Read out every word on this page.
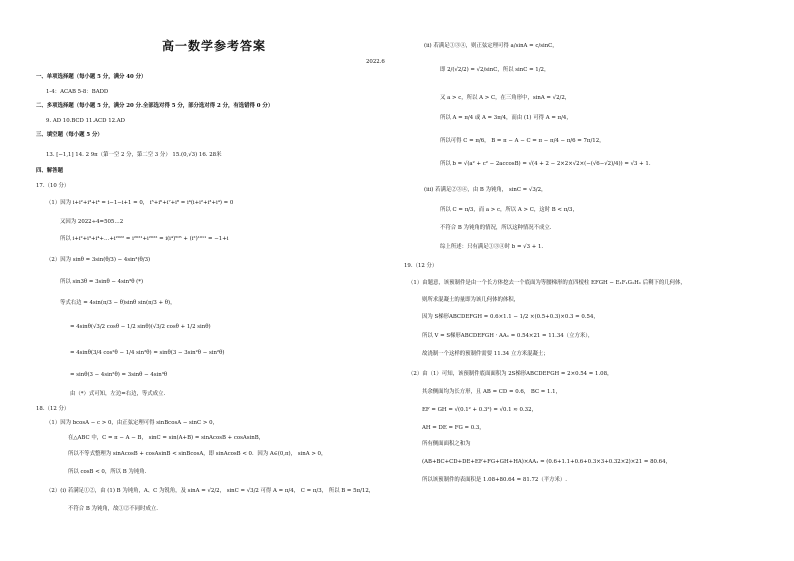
高一数学参考答案
2022.6
一、单项选择题（每小题 5 分，满分 40 分）
1-4：ACAB 5-8：BADD
二、多项选择题（每小题 5 分，满分 20 分.全部选对得 5 分，部分选对得 2 分，有选错得 0 分）
9. AD 10.BCD 11.ACD 12.AD
三、填空题（每小题 5 分）
13. [−1,1] 14. 2 9π（第一空 2 分，第二空 3 分） 15.(0,√3) 16. 28米
四、解答题
17.（10 分）
（1）因为 i+i²+i³+i⁴ = i−1−i+1 = 0， i⁵+i⁶+i⁷+i⁸ = i⁴(i+i²+i³+i⁴) = 0
又因为 2022÷4=505…2
所以 i+i²+i³+i⁴+…+i²⁰²² = i²⁰²¹+i²⁰²² = i(i⁴)⁵⁰⁵ + (i²)¹⁰¹¹ = −1+i
（2）因为 sinθ = 3sin(θ/3) − 4sin³(θ/3)
所以 sin3θ = 3sinθ − 4sin³θ (*)
等式右边 = 4sin(π/3 − θ)sinθ sin(π/3 + θ)，
= 4sinθ(√3/2 cosθ − 1/2 sinθ)(√3/2 cosθ + 1/2 sinθ)
= 4sinθ(3/4 cos²θ − 1/4 sin²θ) = sinθ(3 − 3sin²θ − sin²θ)
= sinθ(3 − 4sin²θ) = 3sinθ − 4sin³θ
由（*）式可知，左边=右边，等式成立.
18.（12 分）
（1）因为 bcosA − c > 0，由正弦定理可得 sinBcosA − sinC > 0，
在△ABC 中，C = π − A − B， sinC = sin(A+B) = sinAcosB + cosAsinB，
所以不等式整理为 sinAcosB + cosAsinB < sinBcosA，即 sinAcosB < 0．因为 A∈(0,π)， sinA > 0，
所以 cosB < 0，所以 B 为钝角.
（2）(ⅰ) 若满足①②，由 (1) B 为钝角，A、C 为锐角，及 sinA = √2/2， sinC = √3/2 可得 A = π/4， C = π/3， 所以 B = 5π/12，
不符合 B 为钝角，故①②不同时成立.
(ⅱ) 若满足①③④，则正弦定理可得 a/sinA = c/sinC，
即 2/(√2/2) = √2/sinC，所以 sinC = 1/2，
又 a > c，所以 A > C，在三角形中，sinA = √2/2，
所以 A = π/4 或 A = 3π/4，而由 (1) 可得 A = π/4，
所以可得 C = π/6， B = π − A − C = π − π/4 − π/6 = 7π/12，
所以 b = √(a² + c² − 2accosB) = √(4 + 2 − 2×2×√2×(−(√6−√2)/4)) = √3 + 1.
(ⅲ) 若满足②③④，由 B 为钝角， sinC = √3/2，
所以 C = π/3，而 a > c，所以 A > C，这时 B < π/3，
不符合 B 为钝角的情况，所以这种情况不成立.
综上所述：只有满足①③④时 b = √3 + 1.
19.（12 分）
（1）由题意，该预制件是由一个长方体挖去一个底面为等腰梯形的直四棱柱 EFGH − E₁F₁G₁H₁ 后剩下的几何体，
则所求混凝土的量即为该几何体的体积，
因为 S梯形ABCDEFGH = 0.6×1.1 − 1/2 ×(0.5+0.3)×0.3 = 0.54，
所以 V = S梯形ABCDEFGH · AA₁ = 0.54×21 = 11.34（立方米），
故浇制一个这样的预制件需要 11.34 立方米混凝土；
（2）由（1）可知，该预制件底面面积为 2S梯形ABCDEFGH = 2×0.54 = 1.08，
其余侧面均为长方形，且 AB = CD = 0.6， BC = 1.1，
EF = GH = √(0.1² + 0.3²) = √0.1 ≈ 0.32，
AH = DE = FG = 0.3，
所有侧面面积之和为
(AB+BC+CD+DE+EF+FG+GH+HA)×AA₁ = (0.6+1.1+0.6+0.3×3+0.32×2)×21 = 80.64，
所以该预制件的表面积是 1.08+80.64 = 81.72（平方米）.
